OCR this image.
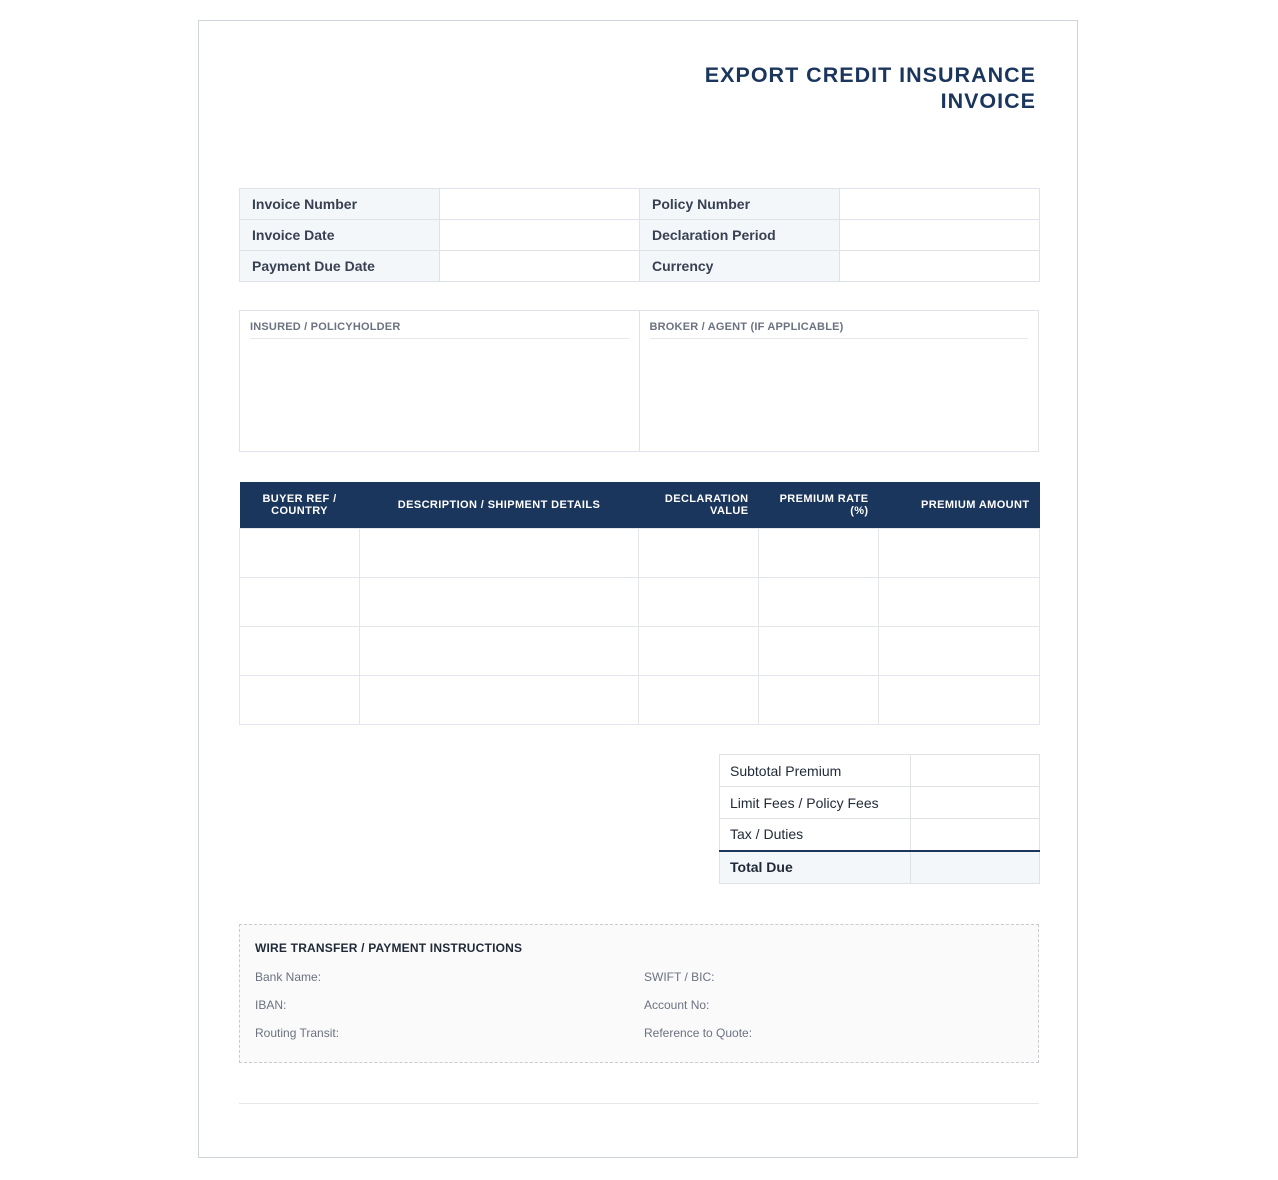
EXPORT CREDIT INSURANCE
INVOICE
Invoice Number		Policy Number	
Invoice Date		Declaration Period	
Payment Due Date		Currency	
INSURED / POLICYHOLDER	BROKER / AGENT (IF APPLICABLE)
BUYER REF / COUNTRY	DESCRIPTION / SHIPMENT DETAILS	DECLARATION VALUE	PREMIUM RATE (%)	PREMIUM AMOUNT

Subtotal Premium	
Limit Fees / Policy Fees	
Tax / Duties	
Total Due	
WIRE TRANSFER / PAYMENT INSTRUCTIONS
Bank Name:	SWIFT / BIC:
IBAN:	Account No:
Routing Transit:	Reference to Quote:
